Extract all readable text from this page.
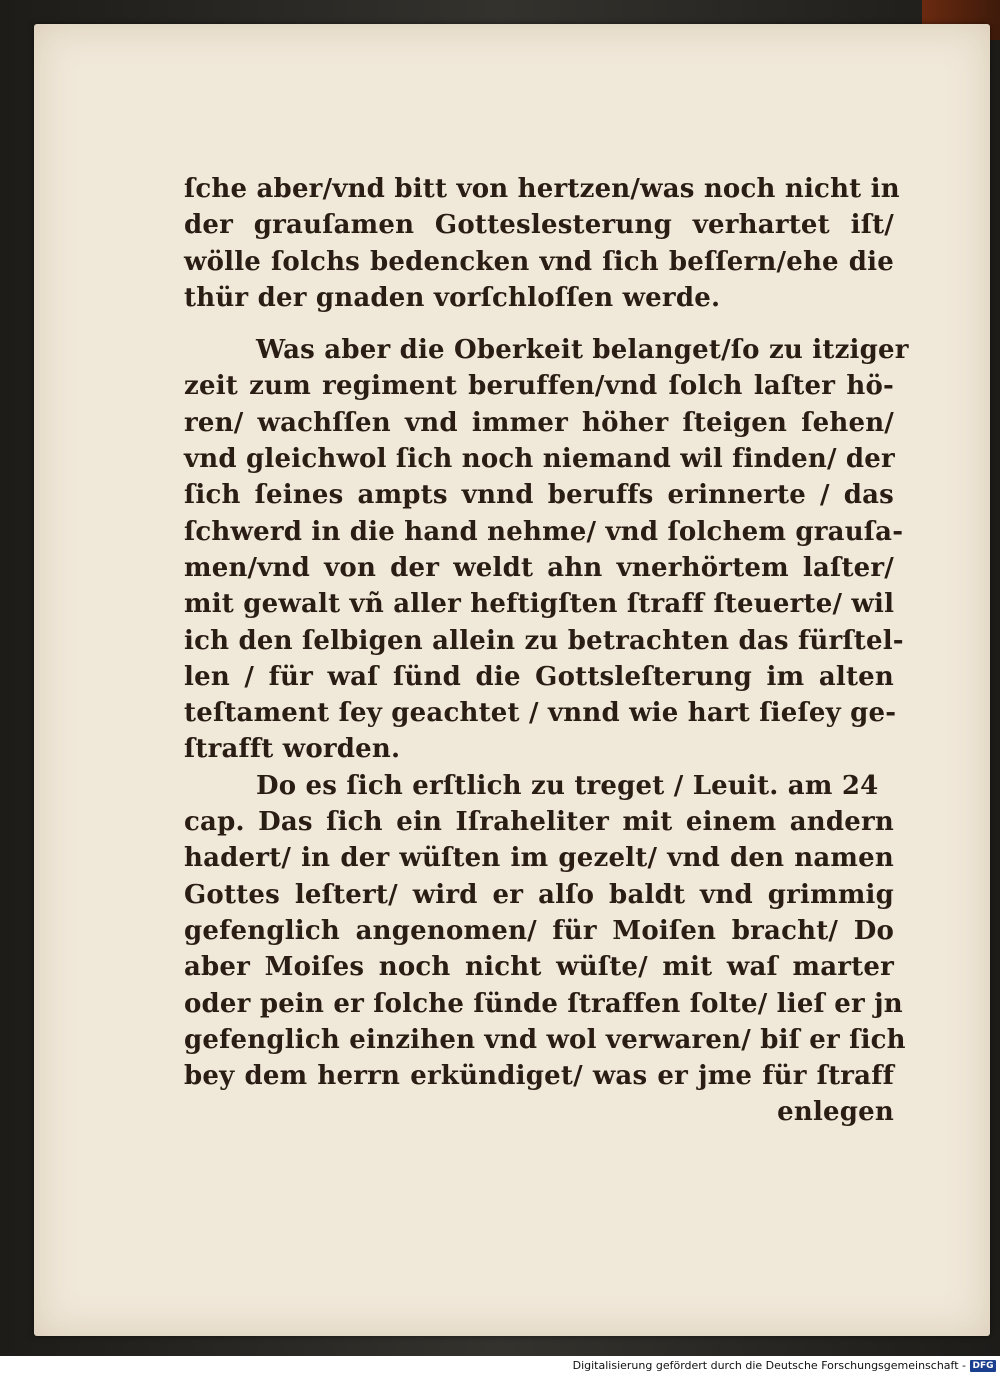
ſche aber/vnd bitt von hertzen/was noch nicht in
der grauſamen Gotteslesterung verhartet iſt/
wölle ſolchs bedencken vnd ſich beſſern/ehe die
thür der gnaden vorſchloſſen werde.
Was aber die Oberkeit belanget/ſo zu itziger
zeit zum regiment beruffen/vnd ſolch laſter hö-
ren/ wachſſen vnd immer höher ſteigen ſehen/
vnd gleichwol ſich noch niemand wil finden/ der
ſich ſeines ampts vnnd beruffs erinnerte / das
ſchwerd in die hand nehme/ vnd ſolchem grauſa-
men/vnd von der weldt ahn vnerhörtem laſter/
mit gewalt vñ aller heftigſten ſtraff ſteuerte/ wil
ich den ſelbigen allein zu betrachten das fürſtel-
len / für waſ ſünd die Gottsleſterung im alten
teſtament ſey geachtet / vnnd wie hart ſieſey ge-
ſtrafft worden.
Do es ſich erſtlich zu treget / Leuit. am 24
cap. Das ſich ein Iſraheliter mit einem andern
hadert/ in der wüſten im gezelt/ vnd den namen
Gottes leſtert/ wird er alſo baldt vnd grimmig
gefenglich angenomen/ für Moiſen bracht/ Do
aber Moiſes noch nicht wüſte/ mit waſ marter
oder pein er ſolche ſünde ſtraffen ſolte/ lieſ er jn
gefenglich einzihen vnd wol verwaren/ biſ er ſich
bey dem herrn erkündiget/ was er jme für ſtraff
enlegen
Digitalisierung gefördert durch die Deutsche Forschungsgemeinschaft - DFG
